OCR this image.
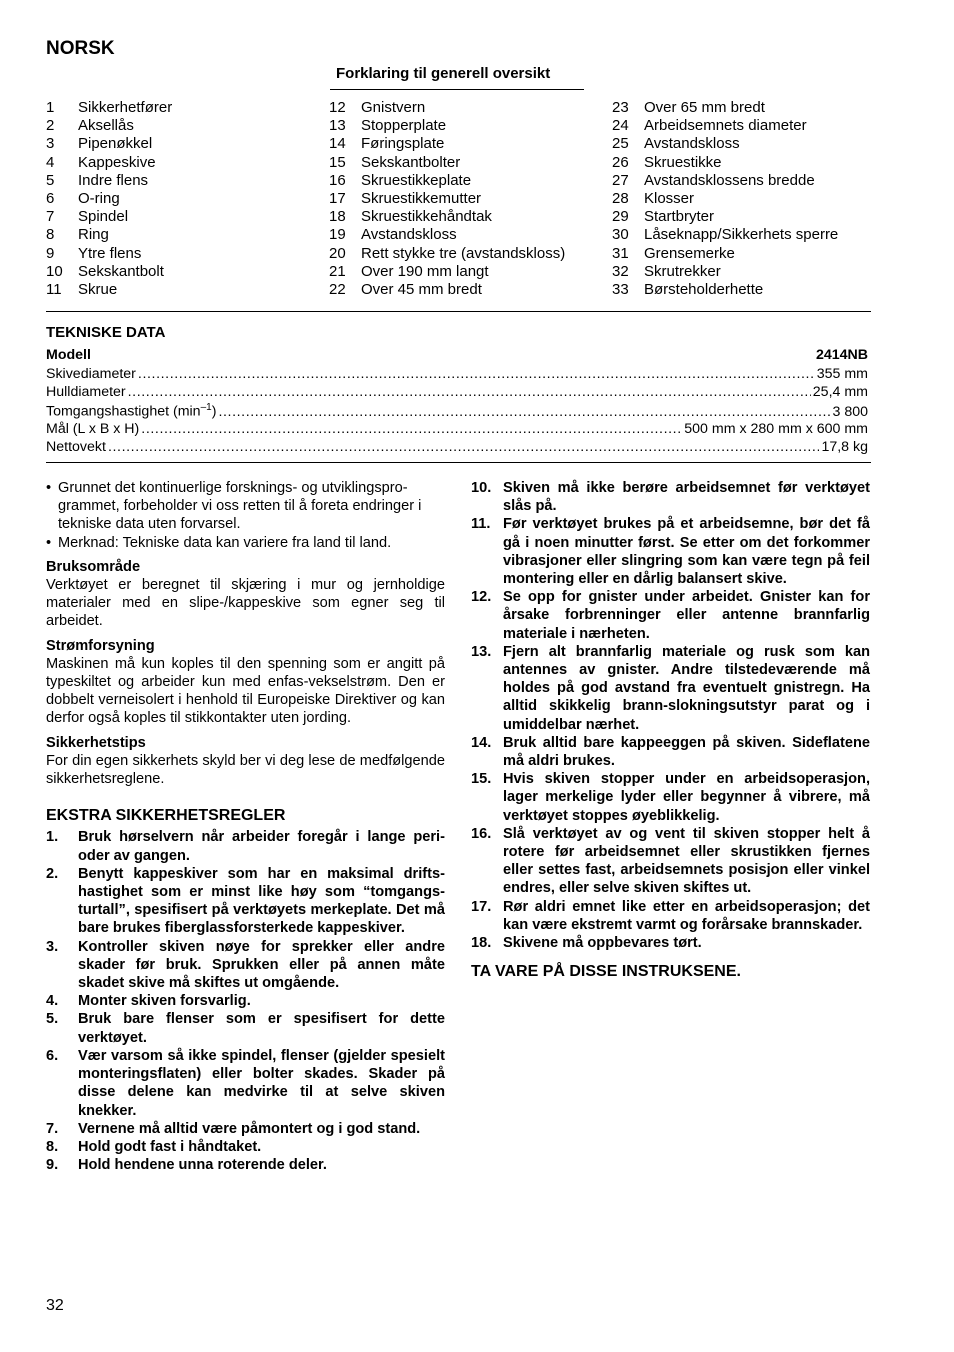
NORSK
Forklaring til generell oversikt
1 Sikkerhetfører
2 Aksellås
3 Pipenøkkel
4 Kappeskive
5 Indre flens
6 O-ring
7 Spindel
8 Ring
9 Ytre flens
10 Sekskantbolt
11 Skrue
12 Gnistvern
13 Stopperplate
14 Føringsplate
15 Sekskantbolter
16 Skruestikkeplate
17 Skruestikkemutter
18 Skruestikkehåndtak
19 Avstandskloss
20 Rett stykke tre (avstandskloss)
21 Over 190 mm langt
22 Over 45 mm bredt
23 Over 65 mm bredt
24 Arbeidsemnets diameter
25 Avstandskloss
26 Skruestikke
27 Avstandsklossens bredde
28 Klosser
29 Startbryter
30 Låseknapp/Sikkerhets sperre
31 Grensemerke
32 Skrutrekker
33 Børsteholderhette
TEKNISKE DATA
Modell	2414NB
Skivediameter .....	355 mm
Hulldiameter .....	25,4 mm
Tomgangshastighet $(\min^{-1})$ .....	3 800
Mål (L x B x H) .....	500 mm x 280 mm x 600 mm
Nettovekt .....	17,8 kg
• Grunnet det kontinuerlige forsknings- og utviklingsprogrammet, forbeholder vi oss retten til å foreta endringer i tekniske data uten forvarsel.
• Merknad: Tekniske data kan variere fra land til land.
Bruksområde
Verktøyet er beregnet til skjæring i mur og jernholdige materialer med en slipe-/kappeskive som egner seg til arbeidet.
Strømforsyning
Maskinen må kun koples til den spenning som er angitt på typeskiltet og arbeider kun med enfas-vekselstrøm. Den er dobbelt verneisolert i henhold til Europeiske Direktiver og kan derfor også koples til stikkontakter uten jording.
Sikkerhetstips
For din egen sikkerhets skyld ber vi deg lese de medfølgende sikkerhetsreglene.
EKSTRA SIKKERHETSREGLER
1.	Bruk hørselvern når arbeider foregår i lange perioder av gangen.
2.	Benytt kappeskiver som har en maksimal driftshastighet som er minst like høy som “tomgangsturtall”, spesifisert på verktøyets merkeplate. Det må bare brukes fiberglassforsterkede kappeskiver.
3.	Kontroller skiven nøye for sprekker eller andre skader før bruk. Sprukken eller på annen måte skadet skive må skiftes ut omgående.
4.	Monter skiven forsvarlig.
5.	Bruk bare flenser som er spesifisert for dette verktøyet.
6.	Vær varsom så ikke spindel, flenser (gjelder spesielt monteringsflaten) eller bolter skades. Skader på disse delene kan medvirke til at selve skiven knekker.
7.	Vernene må alltid være påmontert og i god stand.
8.	Hold godt fast i håndtaket.
9.	Hold hendene unna roterende deler.
10. Skiven må ikke berøre arbeidsemnet før verktøyet slås på.
11. Før verktøyet brukes på et arbeidsemne, bør det få gå i noen minutter først. Se etter om det forkommer vibrasjoner eller slingring som kan være tegn på feil montering eller en dårlig balansert skive.
12. Se opp for gnister under arbeidet. Gnister kan for årsake forbrenninger eller antenne brannfarlig materiale i nærheten.
13. Fjern alt brannfarlig materiale og rusk som kan antennes av gnister. Andre tilstedeværende må holdes på god avstand fra eventuelt gnistregn. Ha alltid skikkelig brann-slokningsutstyr parat og i umiddelbar nærhet.
14. Bruk alltid bare kappeeggen på skiven. Sideflatene må aldri brukes.
15. Hvis skiven stopper under en arbeidsoperasjon, lager merkelige lyder eller begynner å vibrere, må verktøyet stoppes øyeblikkelig.
16. Slå verktøyet av og vent til skiven stopper helt å rotere før arbeidsemnet eller skrustikken fjernes eller settes fast, arbeidsemnets posisjon eller vinkel endres, eller selve skiven skiftes ut.
17. Rør aldri emnet like etter en arbeidsoperasjon; det kan være ekstremt varmt og forårsake brannskader.
18. Skivene må oppbevares tørt.
TA VARE PÅ DISSE INSTRUKSENE.
32
